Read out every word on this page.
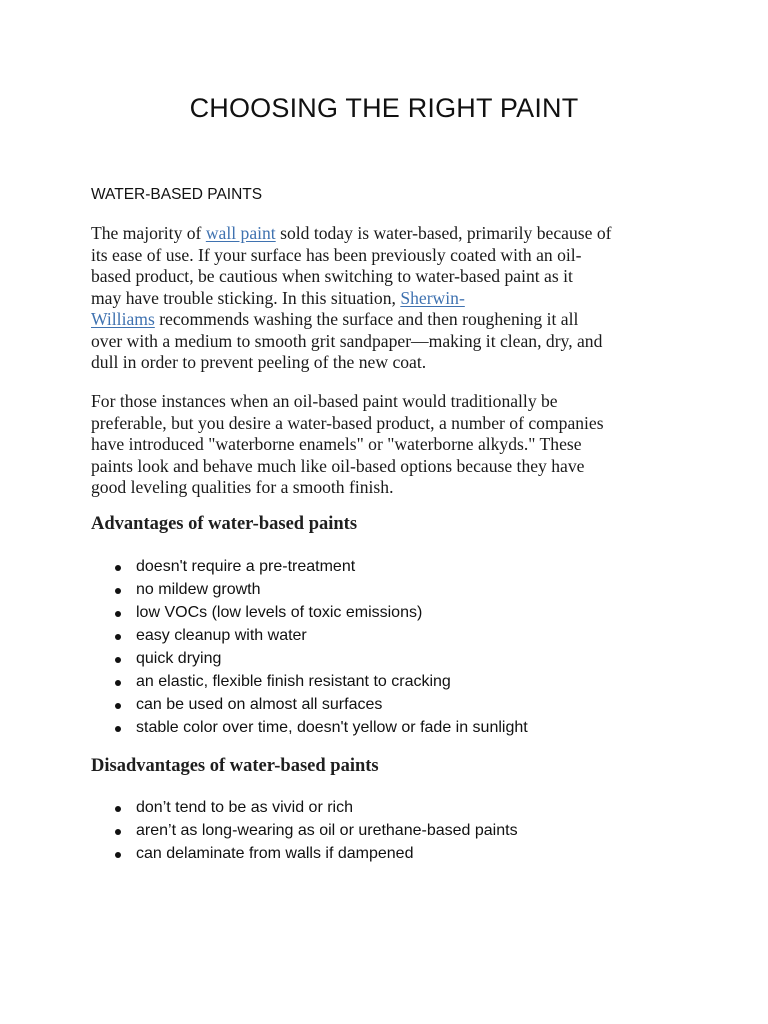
CHOOSING THE RIGHT PAINT
WATER-BASED PAINTS

The majority of wall paint sold today is water-based, primarily because of
its ease of use. If your surface has been previously coated with an oil-
based product, be cautious when switching to water-based paint as it
may have trouble sticking. In this situation, Sherwin-
Williams recommends washing the surface and then roughening it all
over with a medium to smooth grit sandpaper—making it clean, dry, and
dull in order to prevent peeling of the new coat.

For those instances when an oil-based paint would traditionally be
preferable, but you desire a water-based product, a number of companies
have introduced "waterborne enamels" or "waterborne alkyds." These
paints look and behave much like oil-based options because they have
good leveling qualities for a smooth finish.

Advantages of water-based paints
doesn't require a pre-treatment
no mildew growth
low VOCs (low levels of toxic emissions)
easy cleanup with water
quick drying
an elastic, flexible finish resistant to cracking
can be used on almost all surfaces
stable color over time, doesn't yellow or fade in sunlight
Disadvantages of water-based paints
don’t tend to be as vivid or rich
aren’t as long-wearing as oil or urethane-based paints
can delaminate from walls if dampened
